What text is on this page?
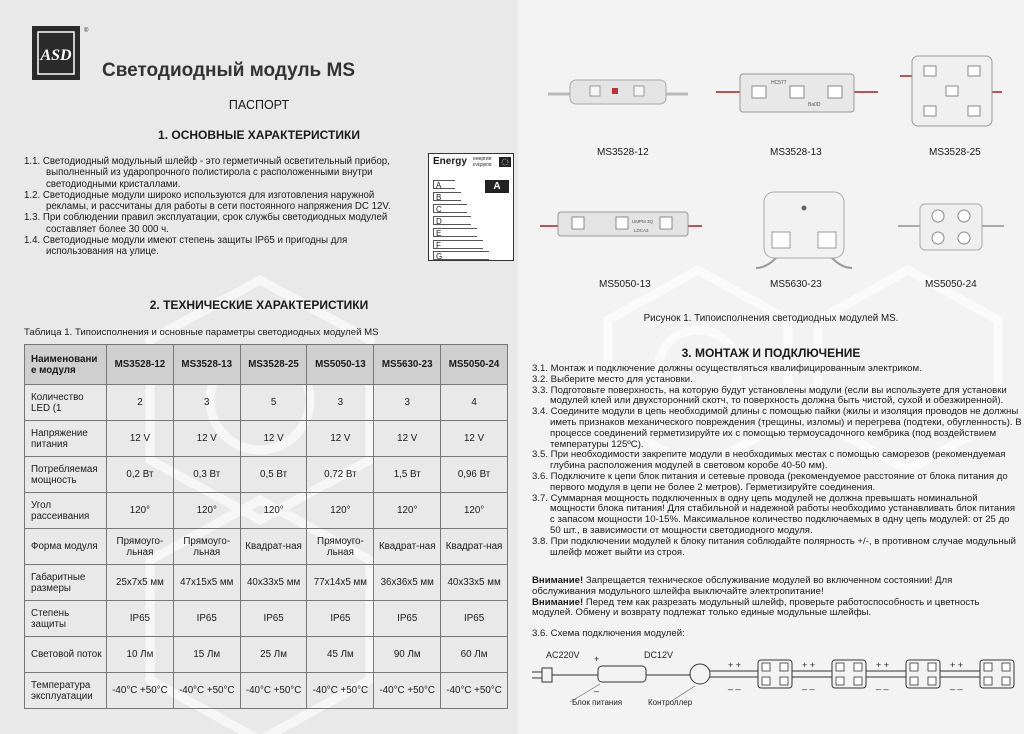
ASD
®
Светодиодный модуль MS
ПАСПОРТ
1. ОСНОВНЫЕ ХАРАКТЕРИСТИКИ
1.1. Светодиодный модульный шлейф - это герметичный осветительный прибор, выполненный из ударопрочного полистирола с расположенными внутри светодиодными кристаллами.
1.2. Светодиодные модули широко используются для изготовления наружной рекламы, и рассчитаны для работы в сети постоянного напряжения DC 12V.
1.3. При соблюдении правил эксплуатации, срок службы светодиодных модулей составляет более 30 000 ч.
1.4. Светодиодные модули имеют степень защиты IP65 и пригодны для использования на улице.
Energy енергия ενέργεια
A
B
C
D
E
F
G
A
2. ТЕХНИЧЕСКИЕ ХАРАКТЕРИСТИКИ
Таблица 1. Типоисполнения и основные параметры светодиодных модулей MS
Наименовани е модуля	MS3528-12	MS3528-13	MS3528-25	MS5050-13	MS5630-23	MS5050-24
Количество LED (1	2	3	5	3	3	4
Напряжение питания	12 V	12 V	12 V	12 V	12 V	12 V
Потребляемая мощность	0,2 Вт	0,3 Вт	0,5 Вт	0,72 Вт	1,5 Вт	0,96 Вт
Угол рассеивания	120°	120°	120°	120°	120°	120°
Форма модуля	Прямоуго-льная	Прямоуго-льная	Квадрат-ная	Прямоуго-льная	Квадрат-ная	Квадрат-ная
Габаритные размеры	25x7x5 мм	47x15x5 мм	40x33x5 мм	77x14x5 мм	36x36x5 мм	40x33x5 мм
Степень защиты	IP65	IP65	IP65	IP65	IP65	IP65
Световой поток	10 Лм	15 Лм	25 Лм	45 Лм	90 Лм	60 Лм
Температура эксплуатации	-40°C +50°C	-40°C +50°C	-40°C +50°C	-40°C +50°C	-40°C +50°C	-40°C +50°C
MS3528-12
HC577
Ba0D
MS3528-13	MS3528-25
UMPM 3Q
LDCA3
MS5050-13	MS5630-23	MS5050-24
Рисунок 1. Типоисполнения светодиодных модулей MS.
3. МОНТАЖ И ПОДКЛЮЧЕНИЕ
3.1. Монтаж и подключение должны осуществляться квалифицированным электриком.
3.2. Выберите место для установки.
3.3. Подготовьте поверхность, на которую будут установлены модули (если вы используете для установки модулей клей или двухсторонний скотч, то поверхность должна быть чистой, сухой и обезжиренной).
3.4. Соедините модули в цепь необходимой длины с помощью пайки (жилы и изоляция проводов не должны иметь признаков механического повреждения (трещины, изломы) и перегрева (подтеки, обугленность). В процессе соединений герметизируйте их с помощью термоусадочного кембрика (под воздействием температуры 125ºC).
3.5. При необходимости закрепите модули в необходимых местах с помощью саморезов (рекомендуемая глубина расположения модулей в световом коробе 40-50 мм).
3.6. Подключите к цепи блок питания и сетевые провода (рекомендуемое расстояние от блока питания до первого модуля в цепи не более 2 метров). Герметизируйте соединения.
3.7. Суммарная мощность подключенных в одну цепь модулей не должна превышать номинальной мощности блока питания! Для стабильной и надежной работы необходимо устанавливать блок питания с запасом мощности 10-15%. Максимальное количество подключаемых в одну цепь модулей: от 25 до 50 шт., в зависимости от мощности светодиодного модуля.
3.8. При подключении модулей к блоку питания соблюдайте полярность +/-, в противном случае модульный шлейф может выйти из строя.
Внимание! Запрещается техническое обслуживание модулей во включенном состоянии! Для обслуживания модульного шлейфа выключайте электропитание!
Внимание! Перед тем как разрезать модульный шлейф, проверьте работоспособность и цветность модулей. Обмену и возврату подлежат только единые модульные шлейфы.
3.6. Схема подключения модулей:
AC220V	DC12V
+
_
Блок питания	Контроллер
+ +
_ _
+ +
_ _
+ +
_ _
+ +
_ _
